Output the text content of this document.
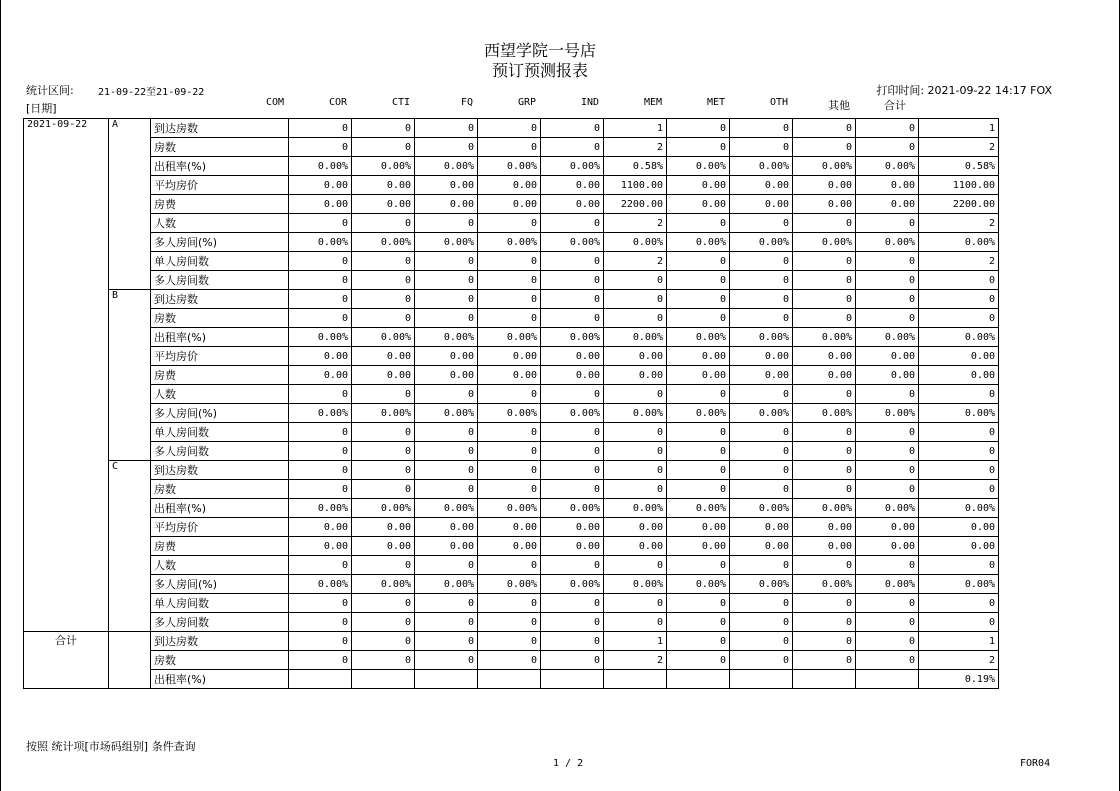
西望学院一号店
预订预测报表
统计区间: 21-09-22至21-09-22	打印时间: 2021-09-22 14:17 FOX
[日期]	COM	COR	CTI	FQ	GRP	IND	MEM	MET	OTH	其他	合计
2021-09-22	A	到达房数	0	0	0	0	0	1	0	0	0	0	1
		房数	0	0	0	0	0	2	0	0	0	0	2
		出租率(%)	0.00%	0.00%	0.00%	0.00%	0.00%	0.58%	0.00%	0.00%	0.00%	0.00%	0.58%
		平均房价	0.00	0.00	0.00	0.00	0.00	1100.00	0.00	0.00	0.00	0.00	1100.00
		房费	0.00	0.00	0.00	0.00	0.00	2200.00	0.00	0.00	0.00	0.00	2200.00
		人数	0	0	0	0	0	2	0	0	0	0	2
		多人房间(%)	0.00%	0.00%	0.00%	0.00%	0.00%	0.00%	0.00%	0.00%	0.00%	0.00%	0.00%
		单人房间数	0	0	0	0	0	2	0	0	0	0	2
		多人房间数	0	0	0	0	0	0	0	0	0	0	0
	B	到达房数	0	0	0	0	0	0	0	0	0	0	0
		房数	0	0	0	0	0	0	0	0	0	0	0
		出租率(%)	0.00%	0.00%	0.00%	0.00%	0.00%	0.00%	0.00%	0.00%	0.00%	0.00%	0.00%
		平均房价	0.00	0.00	0.00	0.00	0.00	0.00	0.00	0.00	0.00	0.00	0.00
		房费	0.00	0.00	0.00	0.00	0.00	0.00	0.00	0.00	0.00	0.00	0.00
		人数	0	0	0	0	0	0	0	0	0	0	0
		多人房间(%)	0.00%	0.00%	0.00%	0.00%	0.00%	0.00%	0.00%	0.00%	0.00%	0.00%	0.00%
		单人房间数	0	0	0	0	0	0	0	0	0	0	0
		多人房间数	0	0	0	0	0	0	0	0	0	0	0
	C	到达房数	0	0	0	0	0	0	0	0	0	0	0
		房数	0	0	0	0	0	0	0	0	0	0	0
		出租率(%)	0.00%	0.00%	0.00%	0.00%	0.00%	0.00%	0.00%	0.00%	0.00%	0.00%	0.00%
		平均房价	0.00	0.00	0.00	0.00	0.00	0.00	0.00	0.00	0.00	0.00	0.00
		房费	0.00	0.00	0.00	0.00	0.00	0.00	0.00	0.00	0.00	0.00	0.00
		人数	0	0	0	0	0	0	0	0	0	0	0
		多人房间(%)	0.00%	0.00%	0.00%	0.00%	0.00%	0.00%	0.00%	0.00%	0.00%	0.00%	0.00%
		单人房间数	0	0	0	0	0	0	0	0	0	0	0
		多人房间数	0	0	0	0	0	0	0	0	0	0	0
合计		到达房数	0	0	0	0	0	1	0	0	0	0	1
		房数	0	0	0	0	0	2	0	0	0	0	2
		出租率(%)											0.19%
按照 统计项[市场码组别] 条件查询
1 / 2	FOR04
